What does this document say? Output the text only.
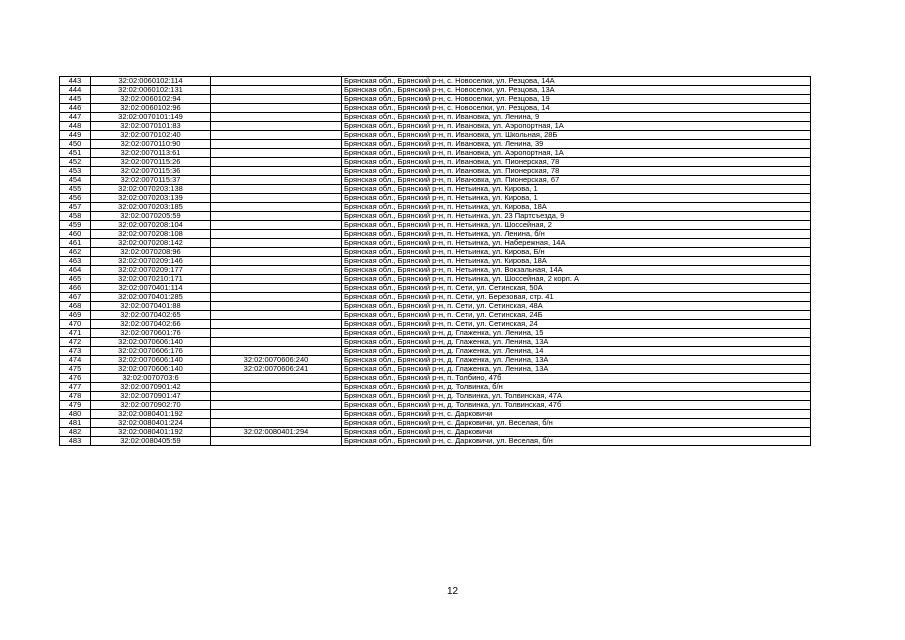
443	32:02:0060102:114		Брянская обл., Брянский р-н, с. Новоселки, ул. Резцова, 14А
444	32:02:0060102:131		Брянская обл., Брянский р-н, с. Новоселки, ул. Резцова, 13А
445	32:02:0060102:94		Брянская обл., Брянский р-н, с. Новоселки, ул. Резцова, 19
446	32:02:0060102:96		Брянская обл., Брянский р-н, с. Новоселки, ул. Резцова, 14
447	32:02:0070101:149		Брянская обл., Брянский р-н, п. Ивановка, ул. Ленина, 9
448	32:02:0070101:83		Брянская обл., Брянский р-н, п. Ивановка, ул. Аэропортная, 1А
449	32:02:0070102:40		Брянская обл., Брянский р-н, п. Ивановка, ул. Школьная, 28Б
450	32:02:0070110:90		Брянская обл., Брянский р-н, п. Ивановка, ул. Ленина, 39
451	32:02:0070113:61		Брянская обл., Брянский р-н, п. Ивановка, ул. Аэропортная, 1А
452	32:02:0070115:26		Брянская обл., Брянский р-н, п. Ивановка, ул. Пионерская, 78
453	32:02:0070115:36		Брянская обл., Брянский р-н, п. Ивановка, ул. Пионерская, 78
454	32:02:0070115:37		Брянская обл., Брянский р-н, п. Ивановка, ул. Пионерская, 67
455	32:02:0070203:138		Брянская обл., Брянский р-н, п. Нетьинка, ул. Кирова, 1
456	32:02:0070203:139		Брянская обл., Брянский р-н, п. Нетьинка, ул. Кирова, 1
457	32:02:0070203:185		Брянская обл., Брянский р-н, п. Нетьинка, ул. Кирова, 18А
458	32:02:0070205:59		Брянская обл., Брянский р-н, п. Нетьинка, ул. 23 Партсъезда, 9
459	32:02:0070208:104		Брянская обл., Брянский р-н, п. Нетьинка, ул. Шоссейная, 2
460	32:02:0070208:108		Брянская обл., Брянский р-н, п. Нетьинка, ул. Ленина, б/н
461	32:02:0070208:142		Брянская обл., Брянский р-н, п. Нетьинка, ул. Набережная, 14А
462	32:02:0070208:96		Брянская обл., Брянский р-н, п. Нетьинка, ул. Кирова, Б/н
463	32:02:0070209:146		Брянская обл., Брянский р-н, п. Нетьинка, ул. Кирова, 18А
464	32:02:0070209:177		Брянская обл., Брянский р-н, п. Нетьинка, ул. Вокзальная, 14А
465	32:02:0070210:171		Брянская обл., Брянский р-н, п. Нетьинка, ул. Шоссейная, 2 корп. А
466	32:02:0070401:114		Брянская обл., Брянский р-н, п. Сети, ул. Сетинская, 50А
467	32:02:0070401:285		Брянская обл., Брянский р-н, п. Сети, ул. Березовая, стр. 41
468	32:02:0070401:88		Брянская обл., Брянский р-н, п. Сети, ул. Сетинская, 48А
469	32:02:0070402:65		Брянская обл., Брянский р-н, п. Сети, ул. Сетинская, 24Б
470	32:02:0070402:66		Брянская обл., Брянский р-н, п. Сети, ул. Сетинская, 24
471	32:02:0070601:76		Брянская обл., Брянский р-н, д. Глаженка, ул. Ленина, 15
472	32:02:0070606:140		Брянская обл., Брянский р-н, д. Глаженка, ул. Ленина, 13А
473	32:02:0070606:176		Брянская обл., Брянский р-н, д. Глаженка, ул. Ленина, 14
474	32:02:0070606:140	32:02:0070606:240	Брянская обл., Брянский р-н, д. Глаженка, ул. Ленина, 13А
475	32:02:0070606:140	32:02:0070606:241	Брянская обл., Брянский р-н, д. Глаженка, ул. Ленина, 13А
476	32:02:0070703:6		Брянская обл., Брянский р-н, п. Толбино, 47б
477	32:02:0070901:42		Брянская обл., Брянский р-н, д. Толвинка, б/н
478	32:02:0070901:47		Брянская обл., Брянский р-н, д. Толвинка, ул. Толвинская, 47А
479	32:02:0070902:70		Брянская обл., Брянский р-н, д. Толвинка, ул. Толвинская, 47б
480	32:02:0080401:192		Брянская обл., Брянский р-н, с. Дарковичи
481	32:02:0080401:224		Брянская обл., Брянский р-н, с. Дарковичи, ул. Веселая, б/н
482	32:02:0080401:192	32:02:0080401:294	Брянская обл., Брянский р-н, с. Дарковичи
483	32:02:0080405:59		Брянская обл., Брянский р-н, с. Дарковичи, ул. Веселая, б/н
12
